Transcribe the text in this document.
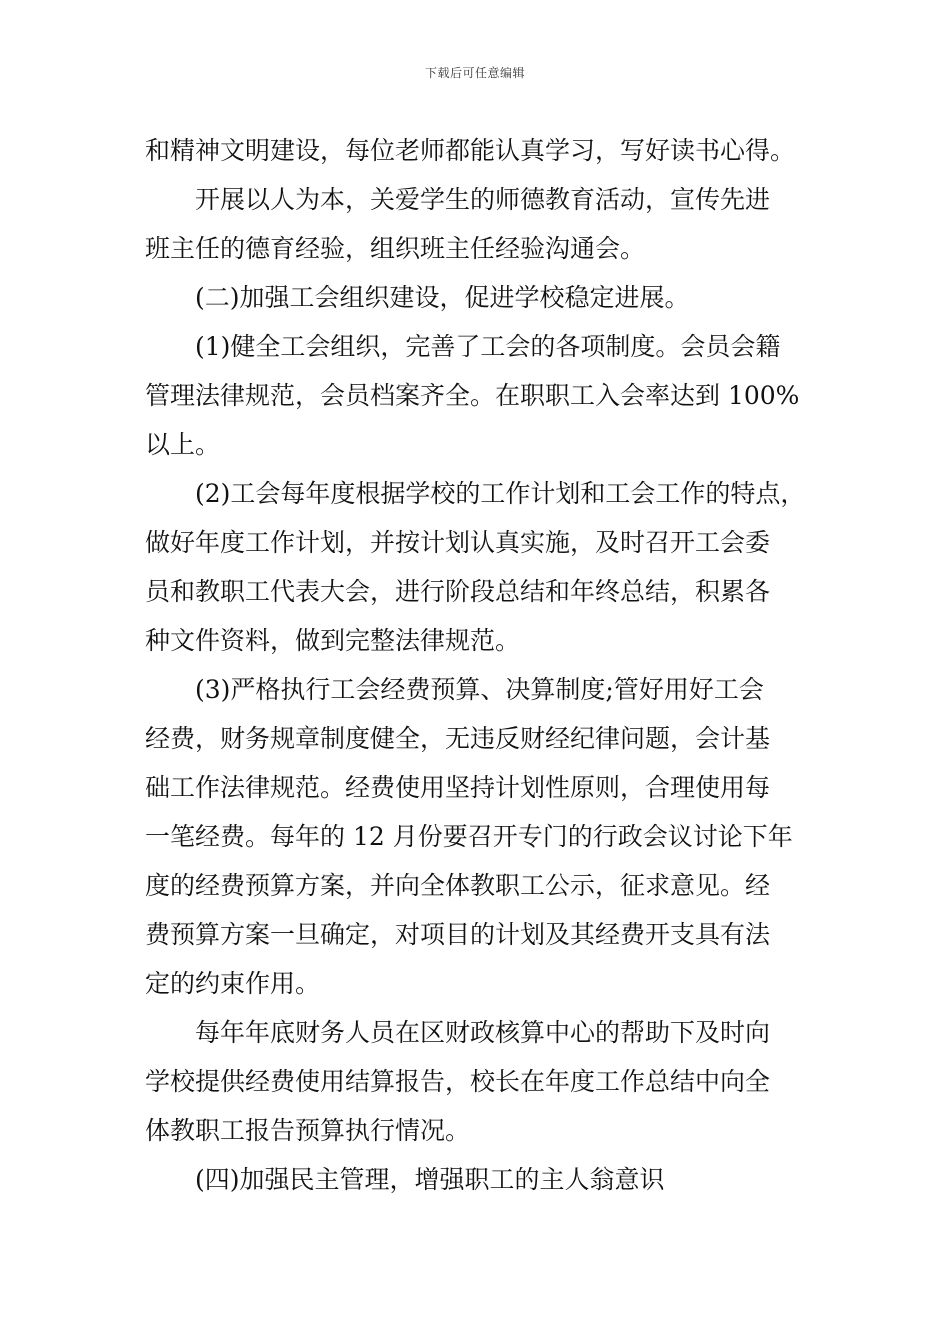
下载后可任意编辑
和精神文明建设，每位老师都能认真学习，写好读书心得。
开展以人为本，关爱学生的师德教育活动，宣传先进
班主任的德育经验，组织班主任经验沟通会。
(二)加强工会组织建设，促进学校稳定进展。
(1)健全工会组织，完善了工会的各项制度。会员会籍
管理法律规范，会员档案齐全。在职职工入会率达到 100%
以上。
(2)工会每年度根据学校的工作计划和工会工作的特点，
做好年度工作计划，并按计划认真实施，及时召开工会委
员和教职工代表大会，进行阶段总结和年终总结，积累各
种文件资料，做到完整法律规范。
(3)严格执行工会经费预算、决算制度;管好用好工会
经费，财务规章制度健全，无违反财经纪律问题，会计基
础工作法律规范。经费使用坚持计划性原则，合理使用每
一笔经费。每年的 12 月份要召开专门的行政会议讨论下年
度的经费预算方案，并向全体教职工公示，征求意见。经
费预算方案一旦确定，对项目的计划及其经费开支具有法
定的约束作用。
每年年底财务人员在区财政核算中心的帮助下及时向
学校提供经费使用结算报告，校长在年度工作总结中向全
体教职工报告预算执行情况。
(四)加强民主管理，增强职工的主人翁意识
